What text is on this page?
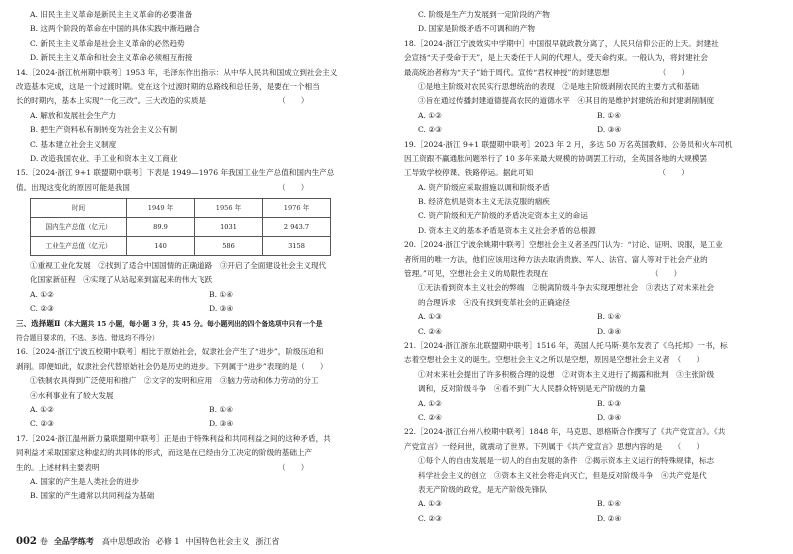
A. 旧民主主义革命是新民主主义革命的必要准备
B. 这两个阶段的革命在中国的具体实践中渐趋融合
C. 新民主主义革命是社会主义革命的必然趋势
D. 新民主主义革命和社会主义革命必须相互衔接
14.［2024·浙江杭州期中联考］1953 年，毛泽东作出指示：从中华人民共和国成立到社会主义
改造基本完成，这是一个过渡时期。党在这个过渡时期的总路线和总任务，是要在一个相当
长的时期内，基本上实现“一化三改”。三大改造的实质是　　　　　　　　　　（　　）
A. 解放和发展社会生产力
B. 把生产资料私有制转变为社会主义公有制
C. 基本建立社会主义制度
D. 改造我国农业、手工业和资本主义工商业
15.［2024·浙江 9+1 联盟期中联考］下表是 1949—1976 年我国工业生产总值和国内生产总
值。出现这变化的原因可能是我国　　　　　　　　　　　　　　　　　　　　（　　）
时间	1949 年	1956 年	1976 年
国内生产总值（亿元）	89.9	1031	2 943.7
工业生产总值（亿元）	140	586	3158
①重视工业化发展　②找到了适合中国国情的正确道路　③开启了全面建设社会主义现代
化国家新征程　④实现了从站起来到富起来的伟大飞跃
A. ①②	B. ①④
C. ②③	D. ③④
三、选择题Ⅱ（本大题共 15 小题，每小题 3 分，共 45 分。每小题列出的四个备选项中只有一个是
符合题目要求的，不选、多选、错选均不得分）
16.［2024·浙江宁波五校期中联考］相比于原始社会，奴隶社会产生了“进步”，阶级压迫和
剥削。即便如此，奴隶社会代替原始社会仍是历史的进步。下列属于“进步”表现的是（　　）
①铁制农具得到广泛使用和推广　②文字的发明和应用　③脑力劳动和体力劳动的分工
④水利事业有了较大发展
A. ①②	B. ①④
C. ②③	D. ③④
17.［2024·浙江温州新力量联盟期中联考］正是由于特殊利益和共同利益之间的这种矛盾，共
同利益才采取国家这种虚幻的共同体的形式，而这是在已经由分工决定的阶级的基础上产
生的。上述材料主要表明　　　　　　　　　　　　　　　　　　　　　　　　（　　）
A. 国家的产生是人类社会的进步
B. 国家的产生通常以共同利益为基础
C. 阶级是生产力发展到一定阶段的产物
D. 国家是阶级矛盾不可调和的产物
18.［2024·浙江宁波效实中学期中］中国很早就政教分离了，人民只信仰公正的上天。封建社
会宣扬“天子受命于天”，是上天委任于人间的代理人，受天命约束。一般认为，将封建社会
最高统治者称为“天子”始于周代。宣传“君权神授”的封建思想　　　　　　　（　　）
①是地主阶级对农民实行思想统治的表现　②是地主阶级剥削农民的主要方式和基础
③旨在通过传播封建道德提高农民的道德水平　④其目的是维护封建统治和封建剥削制度
A. ①②	B. ①④
C. ②③	D. ③④
19.［2024·浙江 9+1 联盟期中联考］2023 年 2 月，多达 50 万名英国教师、公务员和火车司机
因工资跟不赢通胀问题举行了 10 多年来最大规模的协调罢工行动，全英国各地的大规模罢
工导致学校停课、铁路停运。据此可知　　　　　　　　　　　　　　　　　（　　）
A. 资产阶级应采取措施以调和阶级矛盾
B. 经济危机是资本主义无法克服的痼疾
C. 资产阶级和无产阶级的矛盾决定资本主义的命运
D. 资本主义的基本矛盾是资本主义社会矛盾的总根源
20.［2024·浙江宁波余姚期中联考］空想社会主义者圣西门认为：“讨论、证明、说服，是工业
者所用的唯一方法，他们应该用这种方法去取消贵族、军人、法官、富人等对于社会产业的
管理。”可见，空想社会主义的局限性表现在　　　　　　　　　　　　　　（　　）
①无法看到资本主义社会的弊端　②脱离阶级斗争去实现理想社会　③表达了对未来社会
的合理诉求　④没有找到变革社会的正确途径
A. ①③	B. ①④
C. ②④	D. ③④
21.［2024·浙江浙东北联盟期中联考］1516 年，英国人托马斯·莫尔发表了《乌托邦》一书，标
志着空想社会主义的诞生。空想社会主义之所以是空想，原因是空想社会主义者　（　　）
①对未来社会提出了许多积极合理的设想　②对资本主义进行了揭露和批判　③主张阶级
调和，反对阶级斗争　④看不到广大人民群众特别是无产阶级的力量
A. ①②	B. ①③
C. ②④	D. ③④
22.［2024·浙江台州八校期中联考］1848 年，马克思、恩格斯合作撰写了《共产党宣言》。《共
产党宣言》一经问世，就震动了世界。下列属于《共产党宣言》思想内容的是　　（　　）
①每个人的自由发展是一切人的自由发展的条件　②揭示资本主义运行的特殊规律，标志
科学社会主义的创立　③资本主义社会将走向灭亡，但是反对阶级斗争　④共产党是代
表无产阶级的政党，是无产阶级先锋队
A. ①③	B. ①④
C. ②③	D. ②④
002 卷 全品学练考 高中思想政治 必修 1 中国特色社会主义 浙江省
